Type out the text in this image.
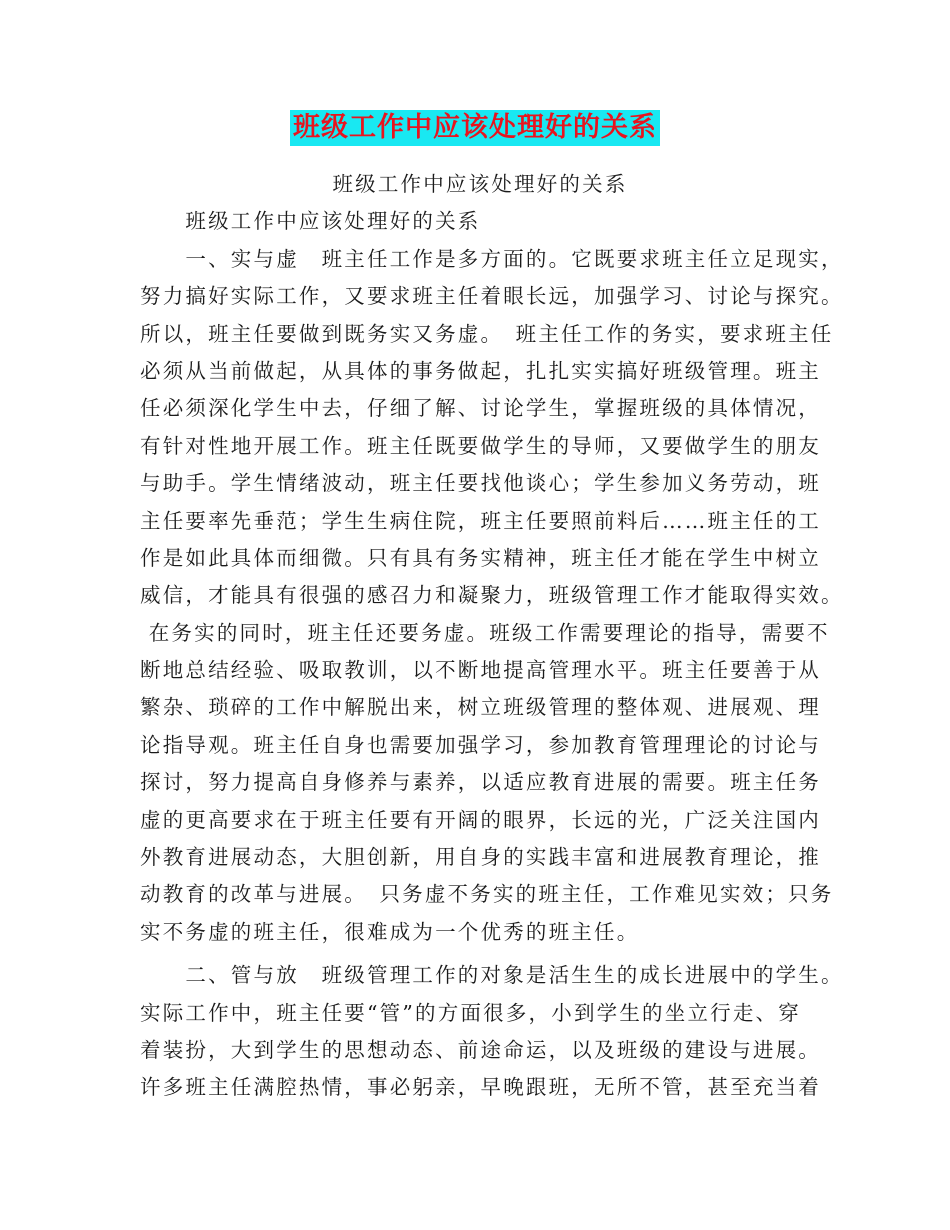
班级工作中应该处理好的关系
班级工作中应该处理好的关系
　　班级工作中应该处理好的关系
　　一、实与虚　班主任工作是多方面的。它既要求班主任立足现实，
努力搞好实际工作，又要求班主任着眼长远，加强学习、讨论与探究。
所以，班主任要做到既务实又务虚。　班主任工作的务实，要求班主任
必须从当前做起，从具体的事务做起，扎扎实实搞好班级管理。班主
任必须深化学生中去，仔细了解、讨论学生，掌握班级的具体情况，
有针对性地开展工作。班主任既要做学生的导师，又要做学生的朋友
与助手。学生情绪波动，班主任要找他谈心；学生参加义务劳动，班
主任要率先垂范；学生生病住院，班主任要照前料后……班主任的工
作是如此具体而细微。只有具有务实精神，班主任才能在学生中树立
威信，才能具有很强的感召力和凝聚力，班级管理工作才能取得实效。
在务实的同时，班主任还要务虚。班级工作需要理论的指导，需要不
断地总结经验、吸取教训，以不断地提高管理水平。班主任要善于从
繁杂、琐碎的工作中解脱出来，树立班级管理的整体观、进展观、理
论指导观。班主任自身也需要加强学习，参加教育管理理论的讨论与
探讨，努力提高自身修养与素养，以适应教育进展的需要。班主任务
虚的更高要求在于班主任要有开阔的眼界，长远的光，广泛关注国内
外教育进展动态，大胆创新，用自身的实践丰富和进展教育理论，推
动教育的改革与进展。　只务虚不务实的班主任，工作难见实效；只务
实不务虚的班主任，很难成为一个优秀的班主任。
　　二、管与放　班级管理工作的对象是活生生的成长进展中的学生。
实际工作中，班主任要“管”的方面很多，小到学生的坐立行走、穿
着装扮，大到学生的思想动态、前途命运，以及班级的建设与进展。
许多班主任满腔热情，事必躬亲，早晚跟班，无所不管，甚至充当着
